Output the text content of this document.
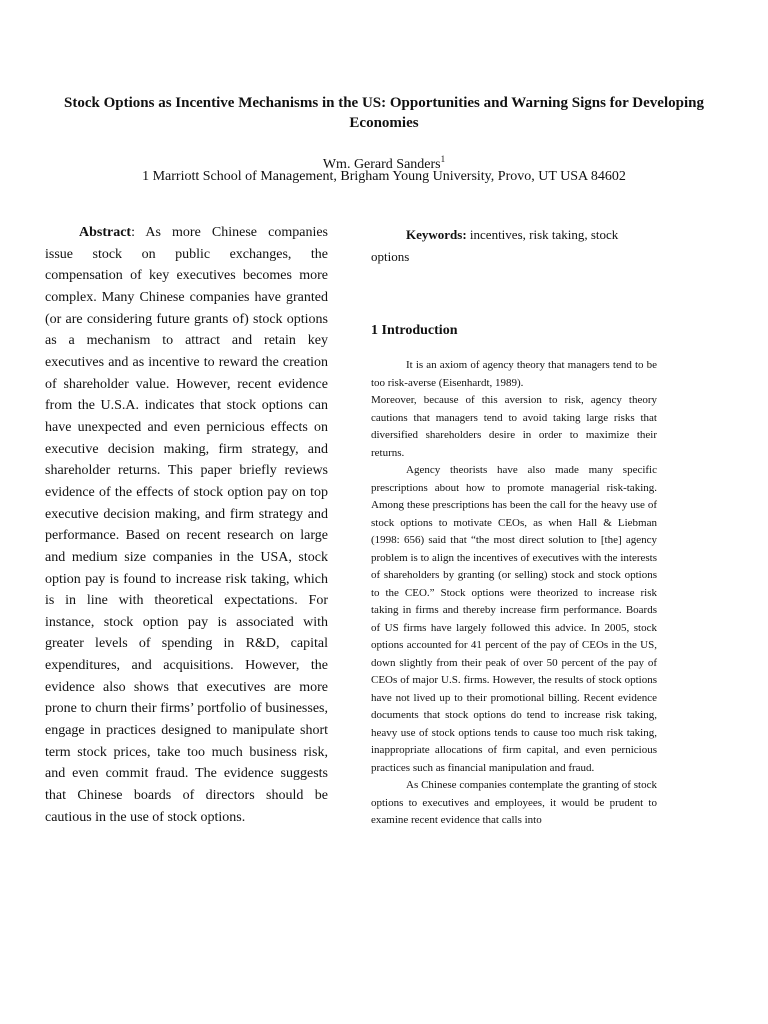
Stock Options as Incentive Mechanisms in the US: Opportunities and Warning Signs for Developing Economies
Wm. Gerard Sanders$^1$
1 Marriott School of Management, Brigham Young University, Provo, UT USA 84602

Abstract: As more Chinese companies issue stock on public exchanges, the compensation of key executives becomes more complex. Many Chinese companies have granted (or are considering future grants of) stock options as a mechanism to attract and retain key executives and as incentive to reward the creation of shareholder value. However, recent evidence from the U.S.A. indicates that stock options can have unexpected and even pernicious effects on executive decision making, firm strategy, and shareholder returns. This paper briefly reviews evidence of the effects of stock option pay on top executive decision making, and firm strategy and performance. Based on recent research on large and medium size companies in the USA, stock option pay is found to increase risk taking, which is in line with theoretical expectations. For instance, stock option pay is associated with greater levels of spending in R&D, capital expenditures, and acquisitions. However, the evidence also shows that executives are more prone to churn their firms’ portfolio of businesses, engage in practices designed to manipulate short term stock prices, take too much business risk, and even commit fraud. The evidence suggests that Chinese boards of directors should be cautious in the use of stock options.

Keywords: incentives, risk taking, stock options

1 Introduction

It is an axiom of agency theory that managers tend to be too risk-averse (Eisenhardt, 1989).

Moreover, because of this aversion to risk, agency theory cautions that managers tend to avoid taking large risks that diversified shareholders desire in order to maximize their returns.

Agency theorists have also made many specific prescriptions about how to promote managerial risk-taking. Among these prescriptions has been the call for the heavy use of stock options to motivate CEOs, as when Hall & Liebman (1998: 656) said that “the most direct solution to [the] agency problem is to align the incentives of executives with the interests of shareholders by granting (or selling) stock and stock options to the CEO.” Stock options were theorized to increase risk taking in firms and thereby increase firm performance. Boards of US firms have largely followed this advice. In 2005, stock options accounted for 41 percent of the pay of CEOs in the US, down slightly from their peak of over 50 percent of the pay of CEOs of major U.S. firms. However, the results of stock options have not lived up to their promotional billing. Recent evidence documents that stock options do tend to increase risk taking, heavy use of stock options tends to cause too much risk taking, inappropriate allocations of firm capital, and even pernicious practices such as financial manipulation and fraud.

As Chinese companies contemplate the granting of stock options to executives and employees, it would be prudent to examine recent evidence that calls into
